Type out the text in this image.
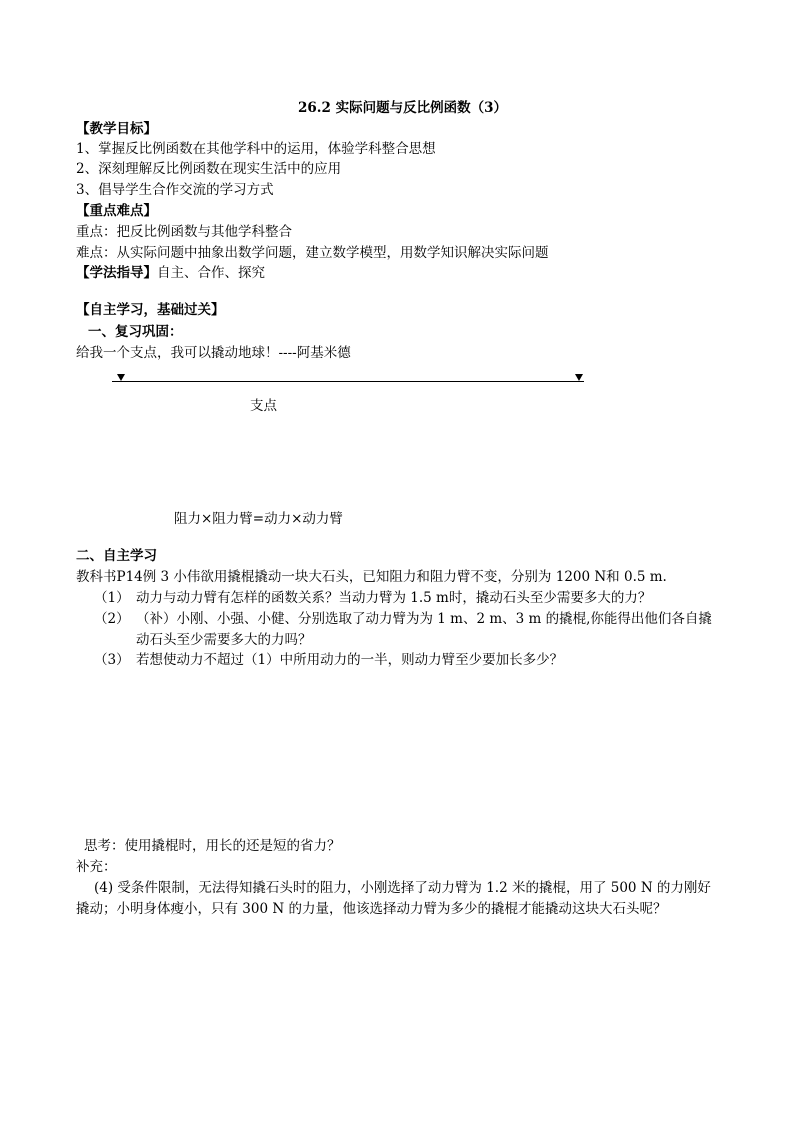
26.2 实际问题与反比例函数（3）
【教学目标】
1、掌握反比例函数在其他学科中的运用，体验学科整合思想
2、深刻理解反比例函数在现实生活中的应用
3、倡导学生合作交流的学习方式
【重点难点】
重点：把反比例函数与其他学科整合
难点：从实际问题中抽象出数学问题，建立数学模型，用数学知识解决实际问题
【学法指导】自主、合作、探究
【自主学习，基础过关】
一、复习巩固：
给我一个支点，我可以撬动地球！----阿基米德
支点
阻力×阻力臂=动力×动力臂
二、自主学习
教科书P14例 3 小伟欲用撬棍撬动一块大石头，已知阻力和阻力臂不变，分别为 1200 N和 0.5 m.
（1） 动力与动力臂有怎样的函数关系？当动力臂为 1.5 m时，撬动石头至少需要多大的力？
（2） （补）小刚、小强、小健、分别选取了动力臂为为 1 m、2 m、3 m 的撬棍,你能得出他们各自撬动石头至少需要多大的力吗？
（3） 若想使动力不超过（1）中所用动力的一半，则动力臂至少要加长多少？
思考：使用撬棍时，用长的还是短的省力？
补充：
(4) 受条件限制，无法得知撬石头时的阻力，小刚选择了动力臂为 1.2 米的撬棍，用了 500 N 的力刚好撬动；小明身体瘦小，只有 300 N 的力量，他该选择动力臂为多少的撬棍才能撬动这块大石头呢？
